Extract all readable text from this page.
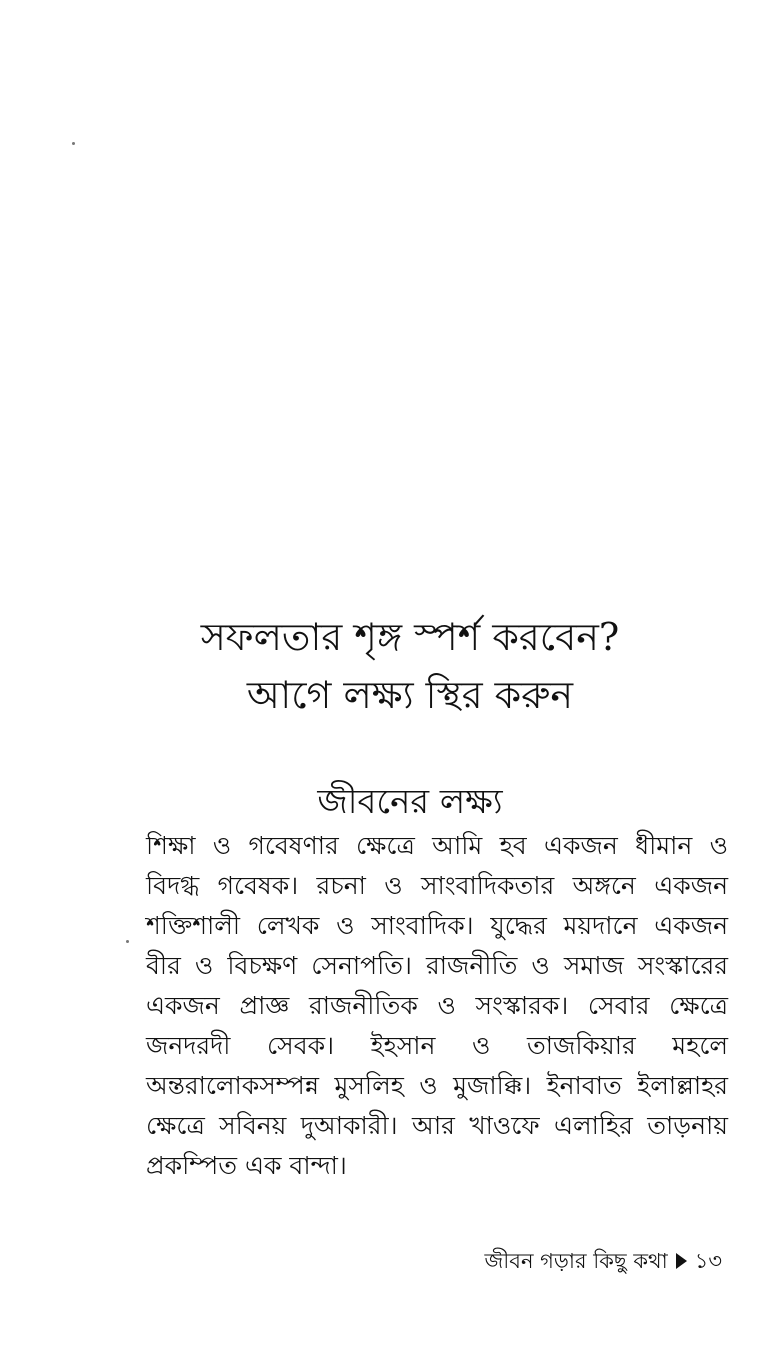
সফলতার শৃঙ্গ স্পর্শ করবেন?
আগে লক্ষ্য স্থির করুন
জীবনের লক্ষ্য
শিক্ষা ও গবেষণার ক্ষেত্রে আমি হব একজন ধীমান ও
বিদগ্ধ গবেষক। রচনা ও সাংবাদিকতার অঙ্গনে একজন
শক্তিশালী লেখক ও সাংবাদিক। যুদ্ধের ময়দানে একজন
বীর ও বিচক্ষণ সেনাপতি। রাজনীতি ও সমাজ সংস্কারের
একজন প্রাজ্ঞ রাজনীতিক ও সংস্কারক। সেবার ক্ষেত্রে
জনদরদী সেবক। ইহসান ও তাজকিয়ার মহলে
অন্তরালোকসম্পন্ন মুসলিহ ও মুজাক্কি। ইনাবাত ইলাল্লাহর
ক্ষেত্রে সবিনয় দুআকারী। আর খাওফে এলাহির তাড়নায়
প্রকম্পিত এক বান্দা।
জীবন গড়ার কিছু কথা ১৩
